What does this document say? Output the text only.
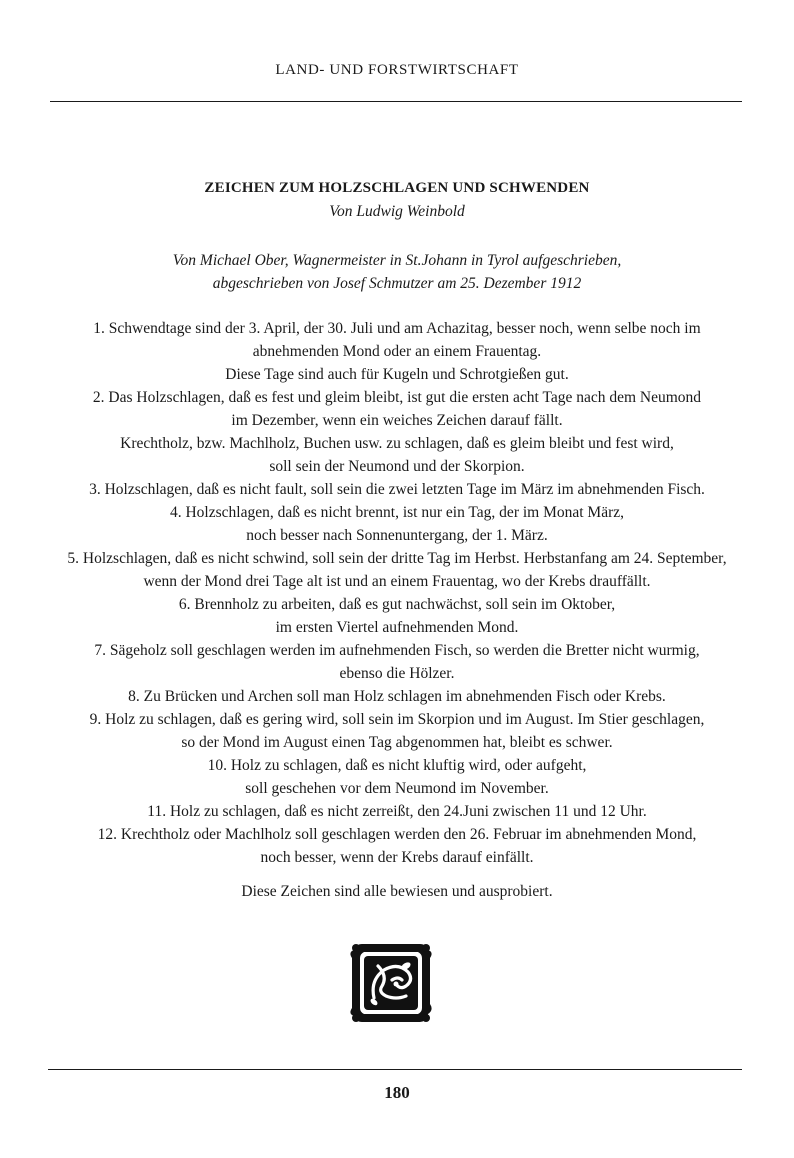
LAND- UND FORSTWIRTSCHAFT
ZEICHEN ZUM HOLZSCHLAGEN UND SCHWENDEN
Von Ludwig Weinbold
Von Michael Ober, Wagnermeister in St.Johann in Tyrol aufgeschrieben,
abgeschrieben von Josef Schmutzer am 25. Dezember 1912
1. Schwendtage sind der 3. April, der 30. Juli und am Achazitag, besser noch, wenn selbe noch im
abnehmenden Mond oder an einem Frauentag.
Diese Tage sind auch für Kugeln und Schrotgießen gut.
2. Das Holzschlagen, daß es fest und gleim bleibt, ist gut die ersten acht Tage nach dem Neumond
im Dezember, wenn ein weiches Zeichen darauf fällt.
Krechtholz, bzw. Machlholz, Buchen usw. zu schlagen, daß es gleim bleibt und fest wird,
soll sein der Neumond und der Skorpion.
3. Holzschlagen, daß es nicht fault, soll sein die zwei letzten Tage im März im abnehmenden Fisch.
4. Holzschlagen, daß es nicht brennt, ist nur ein Tag, der im Monat März,
noch besser nach Sonnenuntergang, der 1. März.
5. Holzschlagen, daß es nicht schwind, soll sein der dritte Tag im Herbst. Herbstanfang am 24. September,
wenn der Mond drei Tage alt ist und an einem Frauentag, wo der Krebs drauffällt.
6. Brennholz zu arbeiten, daß es gut nachwächst, soll sein im Oktober,
im ersten Viertel aufnehmenden Mond.
7. Sägeholz soll geschlagen werden im aufnehmenden Fisch, so werden die Bretter nicht wurmig,
ebenso die Hölzer.
8. Zu Brücken und Archen soll man Holz schlagen im abnehmenden Fisch oder Krebs.
9. Holz zu schlagen, daß es gering wird, soll sein im Skorpion und im August. Im Stier geschlagen,
so der Mond im August einen Tag abgenommen hat, bleibt es schwer.
10. Holz zu schlagen, daß es nicht kluftig wird, oder aufgeht,
soll geschehen vor dem Neumond im November.
11. Holz zu schlagen, daß es nicht zerreißt, den 24.Juni zwischen 11 und 12 Uhr.
12. Krechtholz oder Machlholz soll geschlagen werden den 26. Februar im abnehmenden Mond,
noch besser, wenn der Krebs darauf einfällt.
Diese Zeichen sind alle bewiesen und ausprobiert.
180
